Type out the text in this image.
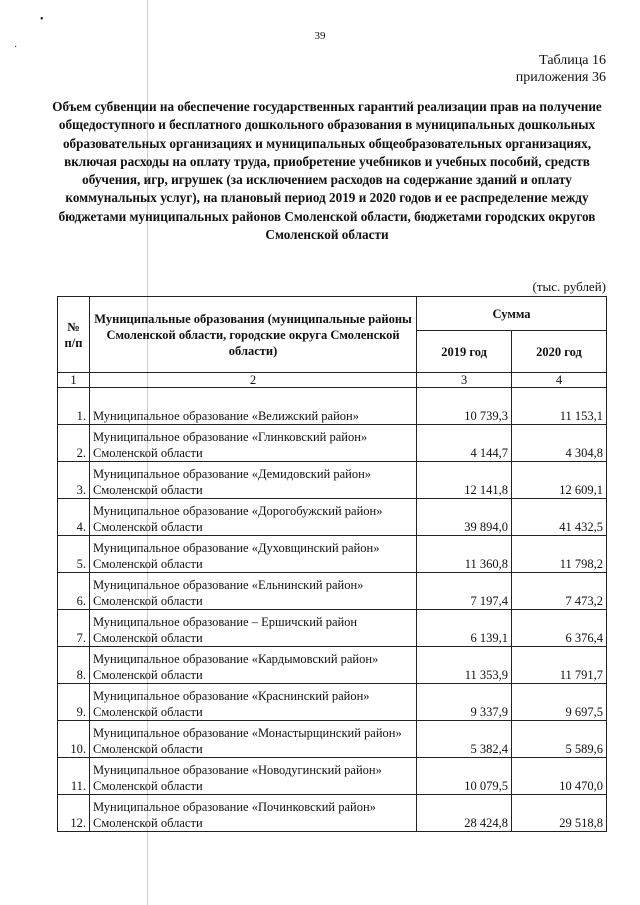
•
·
39
Таблица 16
приложения 36
Объем субвенции на обеспечение государственных гарантий реализации прав на получение общедоступного и бесплатного дошкольного образования в муниципальных дошкольных образовательных организациях и муниципальных общеобразовательных организациях, включая расходы на оплату труда, приобретение учебников и учебных пособий, средств обучения, игр, игрушек (за исключением расходов на содержание зданий и оплату коммунальных услуг), на плановый период 2019 и 2020 годов и ее распределение между бюджетами муниципальных районов Смоленской области, бюджетами городских округов Смоленской области
(тыс. рублей)
№ п/п	Муниципальные образования (муниципальные районы Смоленской области, городские округа Смоленской области)	Сумма	
		2019 год	2020 год
1	2	3	4
1.	Муниципальное образование «Велижский район»	10 739,3	11 153,1
2.	Муниципальное образование «Глинковский район» Смоленской области	4 144,7	4 304,8
3.	Муниципальное образование «Демидовский район» Смоленской области	12 141,8	12 609,1
4.	Муниципальное образование «Дорогобужский район» Смоленской области	39 894,0	41 432,5
5.	Муниципальное образование «Духовщинский район» Смоленской области	11 360,8	11 798,2
6.	Муниципальное образование «Ельнинский район» Смоленской области	7 197,4	7 473,2
7.	Муниципальное образование – Ершичский район Смоленской области	6 139,1	6 376,4
8.	Муниципальное образование «Кардымовский район» Смоленской области	11 353,9	11 791,7
9.	Муниципальное образование «Краснинский район» Смоленской области	9 337,9	9 697,5
10.	Муниципальное образование «Монастырщинский район» Смоленской области	5 382,4	5 589,6
11.	Муниципальное образование «Новодугинский район» Смоленской области	10 079,5	10 470,0
12.	Муниципальное образование «Починковский район» Смоленской области	28 424,8	29 518,8
